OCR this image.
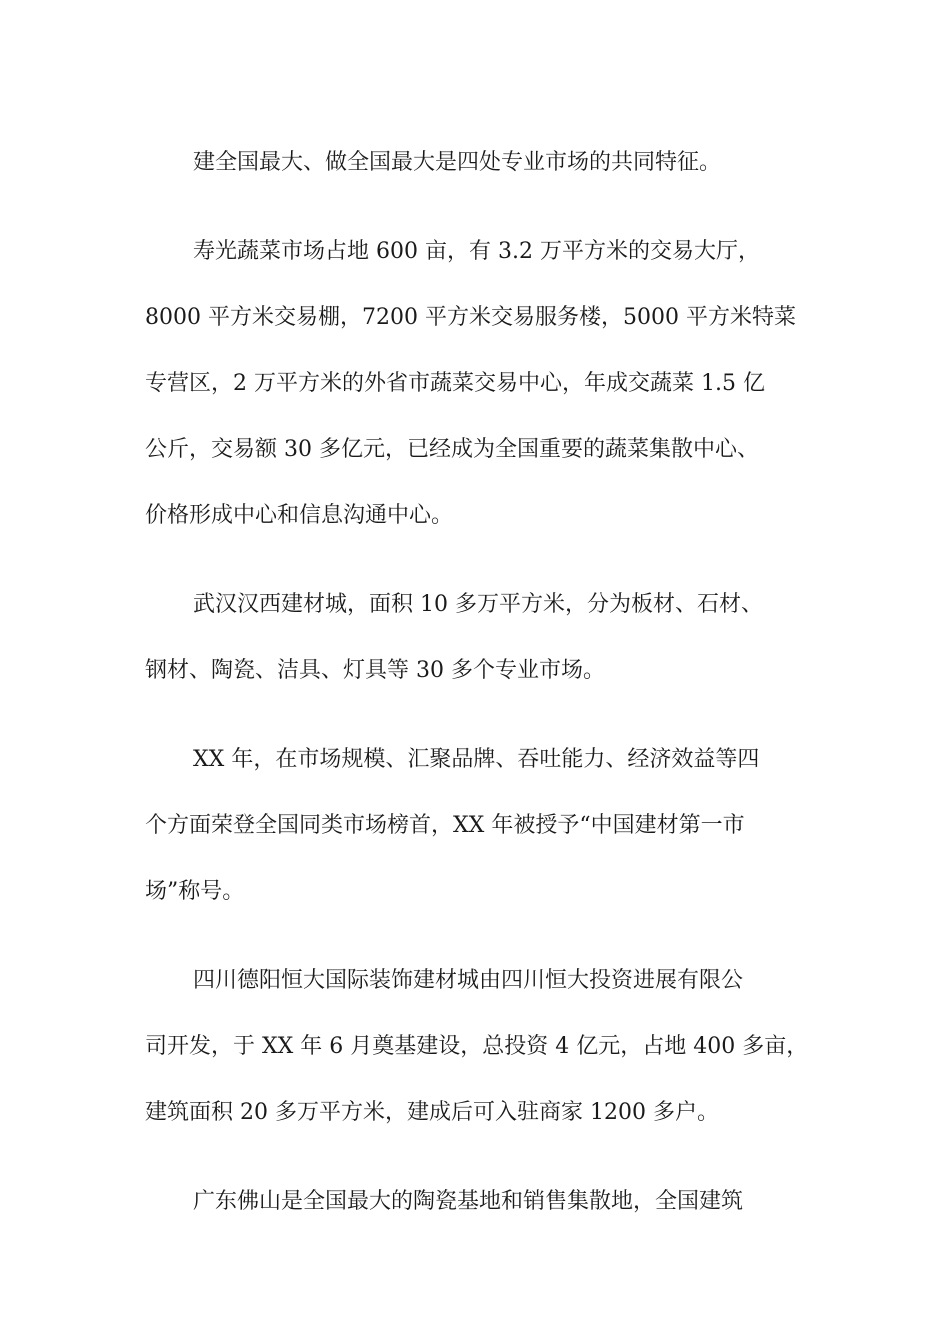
建全国最大、做全国最大是四处专业市场的共同特征。

寿光蔬菜市场占地 600 亩，有 3.2 万平方米的交易大厅，
8000 平方米交易棚，7200 平方米交易服务楼，5000 平方米特菜
专营区，2 万平方米的外省市蔬菜交易中心，年成交蔬菜 1.5 亿
公斤，交易额 30 多亿元，已经成为全国重要的蔬菜集散中心、
价格形成中心和信息沟通中心。

武汉汉西建材城，面积 10 多万平方米，分为板材、石材、
钢材、陶瓷、洁具、灯具等 30 多个专业市场。

XX 年，在市场规模、汇聚品牌、吞吐能力、经济效益等四
个方面荣登全国同类市场榜首，XX 年被授予“中国建材第一市
场”称号。

四川德阳恒大国际装饰建材城由四川恒大投资进展有限公
司开发，于 XX 年 6 月奠基建设，总投资 4 亿元，占地 400 多亩，
建筑面积 20 多万平方米，建成后可入驻商家 1200 多户。

广东佛山是全国最大的陶瓷基地和销售集散地，全国建筑
